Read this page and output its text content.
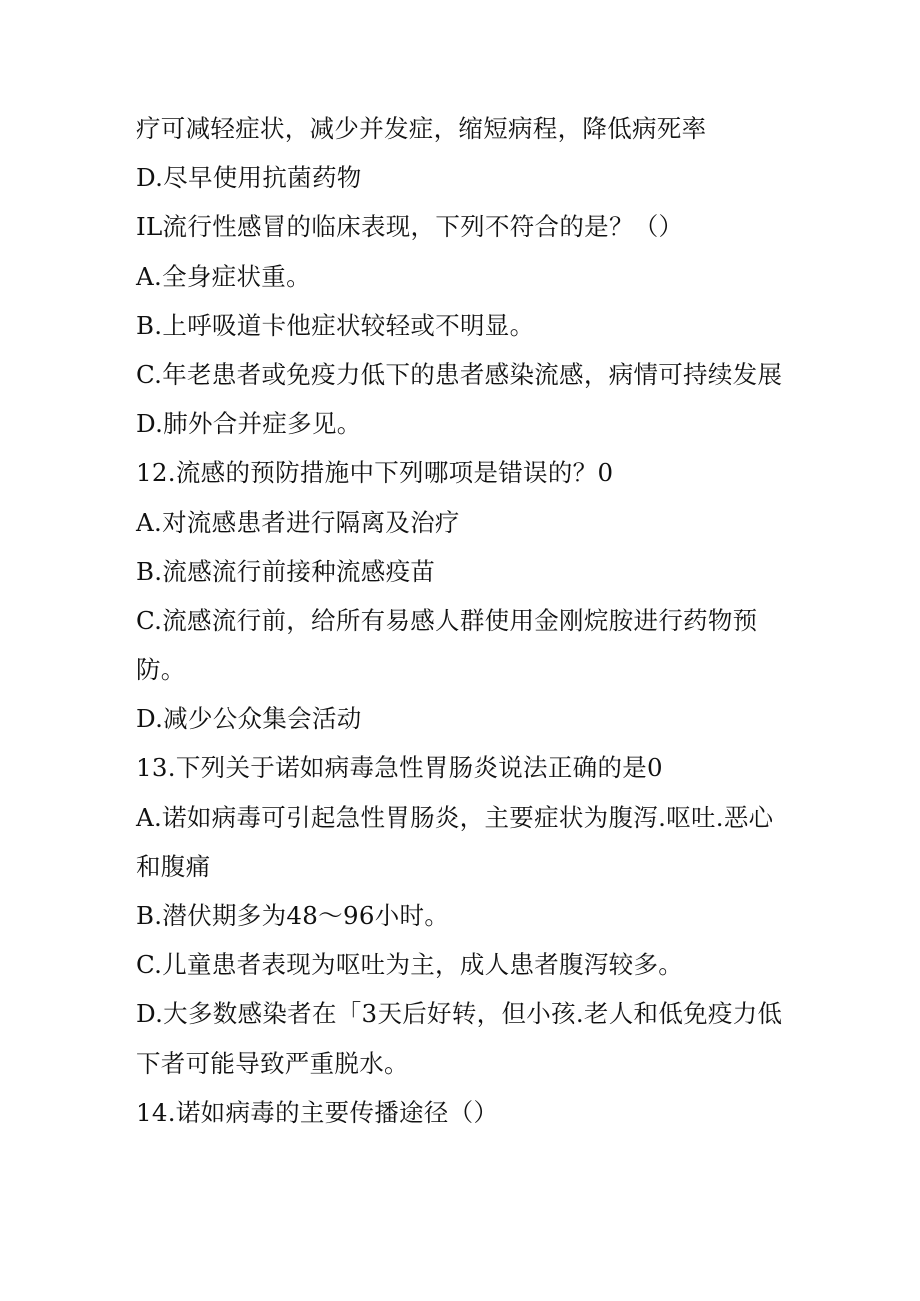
疗可减轻症状，减少并发症，缩短病程，降低病死率
D.尽早使用抗菌药物
IL流行性感冒的临床表现，下列不符合的是？（）
A.全身症状重。
B.上呼吸道卡他症状较轻或不明显。
C.年老患者或免疫力低下的患者感染流感，病情可持续发展
D.肺外合并症多见。
12.流感的预防措施中下列哪项是错误的？0
A.对流感患者进行隔离及治疗
B.流感流行前接种流感疫苗
C.流感流行前，给所有易感人群使用金刚烷胺进行药物预
防。
D.减少公众集会活动
13.下列关于诺如病毒急性胃肠炎说法正确的是0
A.诺如病毒可引起急性胃肠炎，主要症状为腹泻.呕吐.恶心
和腹痛
B.潜伏期多为48～96小时。
C.儿童患者表现为呕吐为主，成人患者腹泻较多。
D.大多数感染者在「3天后好转，但小孩.老人和低免疫力低
下者可能导致严重脱水。
14.诺如病毒的主要传播途径（）
